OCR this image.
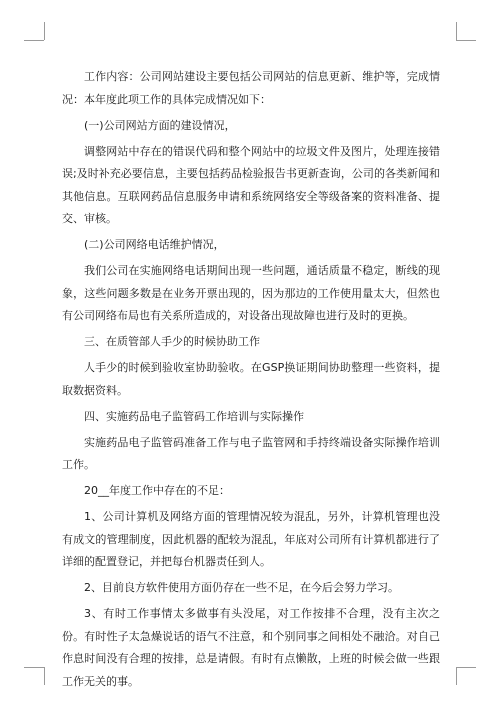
工作内容：公司网站建设主要包括公司网站的信息更新、维护等，完成情况：本年度此项工作的具体完成情况如下：

(一)公司网站方面的建设情况，

调整网站中存在的错误代码和整个网站中的垃圾文件及图片，处理连接错误;及时补充必要信息，主要包括药品检验报告书更新查询，公司的各类新闻和其他信息。互联网药品信息服务申请和系统网络安全等级备案的资料准备、提交、审核。

(二)公司网络电话维护情况，

我们公司在实施网络电话期间出现一些问题，通话质量不稳定，断线的现象，这些问题多数是在业务开票出现的，因为那边的工作使用量太大，但然也有公司网络布局也有关系所造成的，对设备出现故障也进行及时的更换。

三、在质管部人手少的时候协助工作

人手少的时候到验收室协助验收。在GSP换证期间协助整理一些资料，提取数据资料。

四、实施药品电子监管码工作培训与实际操作

实施药品电子监管码准备工作与电子监管网和手持终端设备实际操作培训工作。

20__年度工作中存在的不足：

1、公司计算机及网络方面的管理情况较为混乱，另外，计算机管理也没有成文的管理制度，因此机器的配较为混乱，年底对公司所有计算机都进行了详细的配置登记，并把每台机器责任到人。

2、目前良方软件使用方面仍存在一些不足，在今后会努力学习。

3、有时工作事情太多做事有头没尾，对工作按排不合理，没有主次之份。有时性子太急燥说话的语气不注意，和个别同事之间相处不融洽。对自己作息时间没有合理的按排，总是请假。有时有点懒散，上班的时候会做一些跟工作无关的事。
